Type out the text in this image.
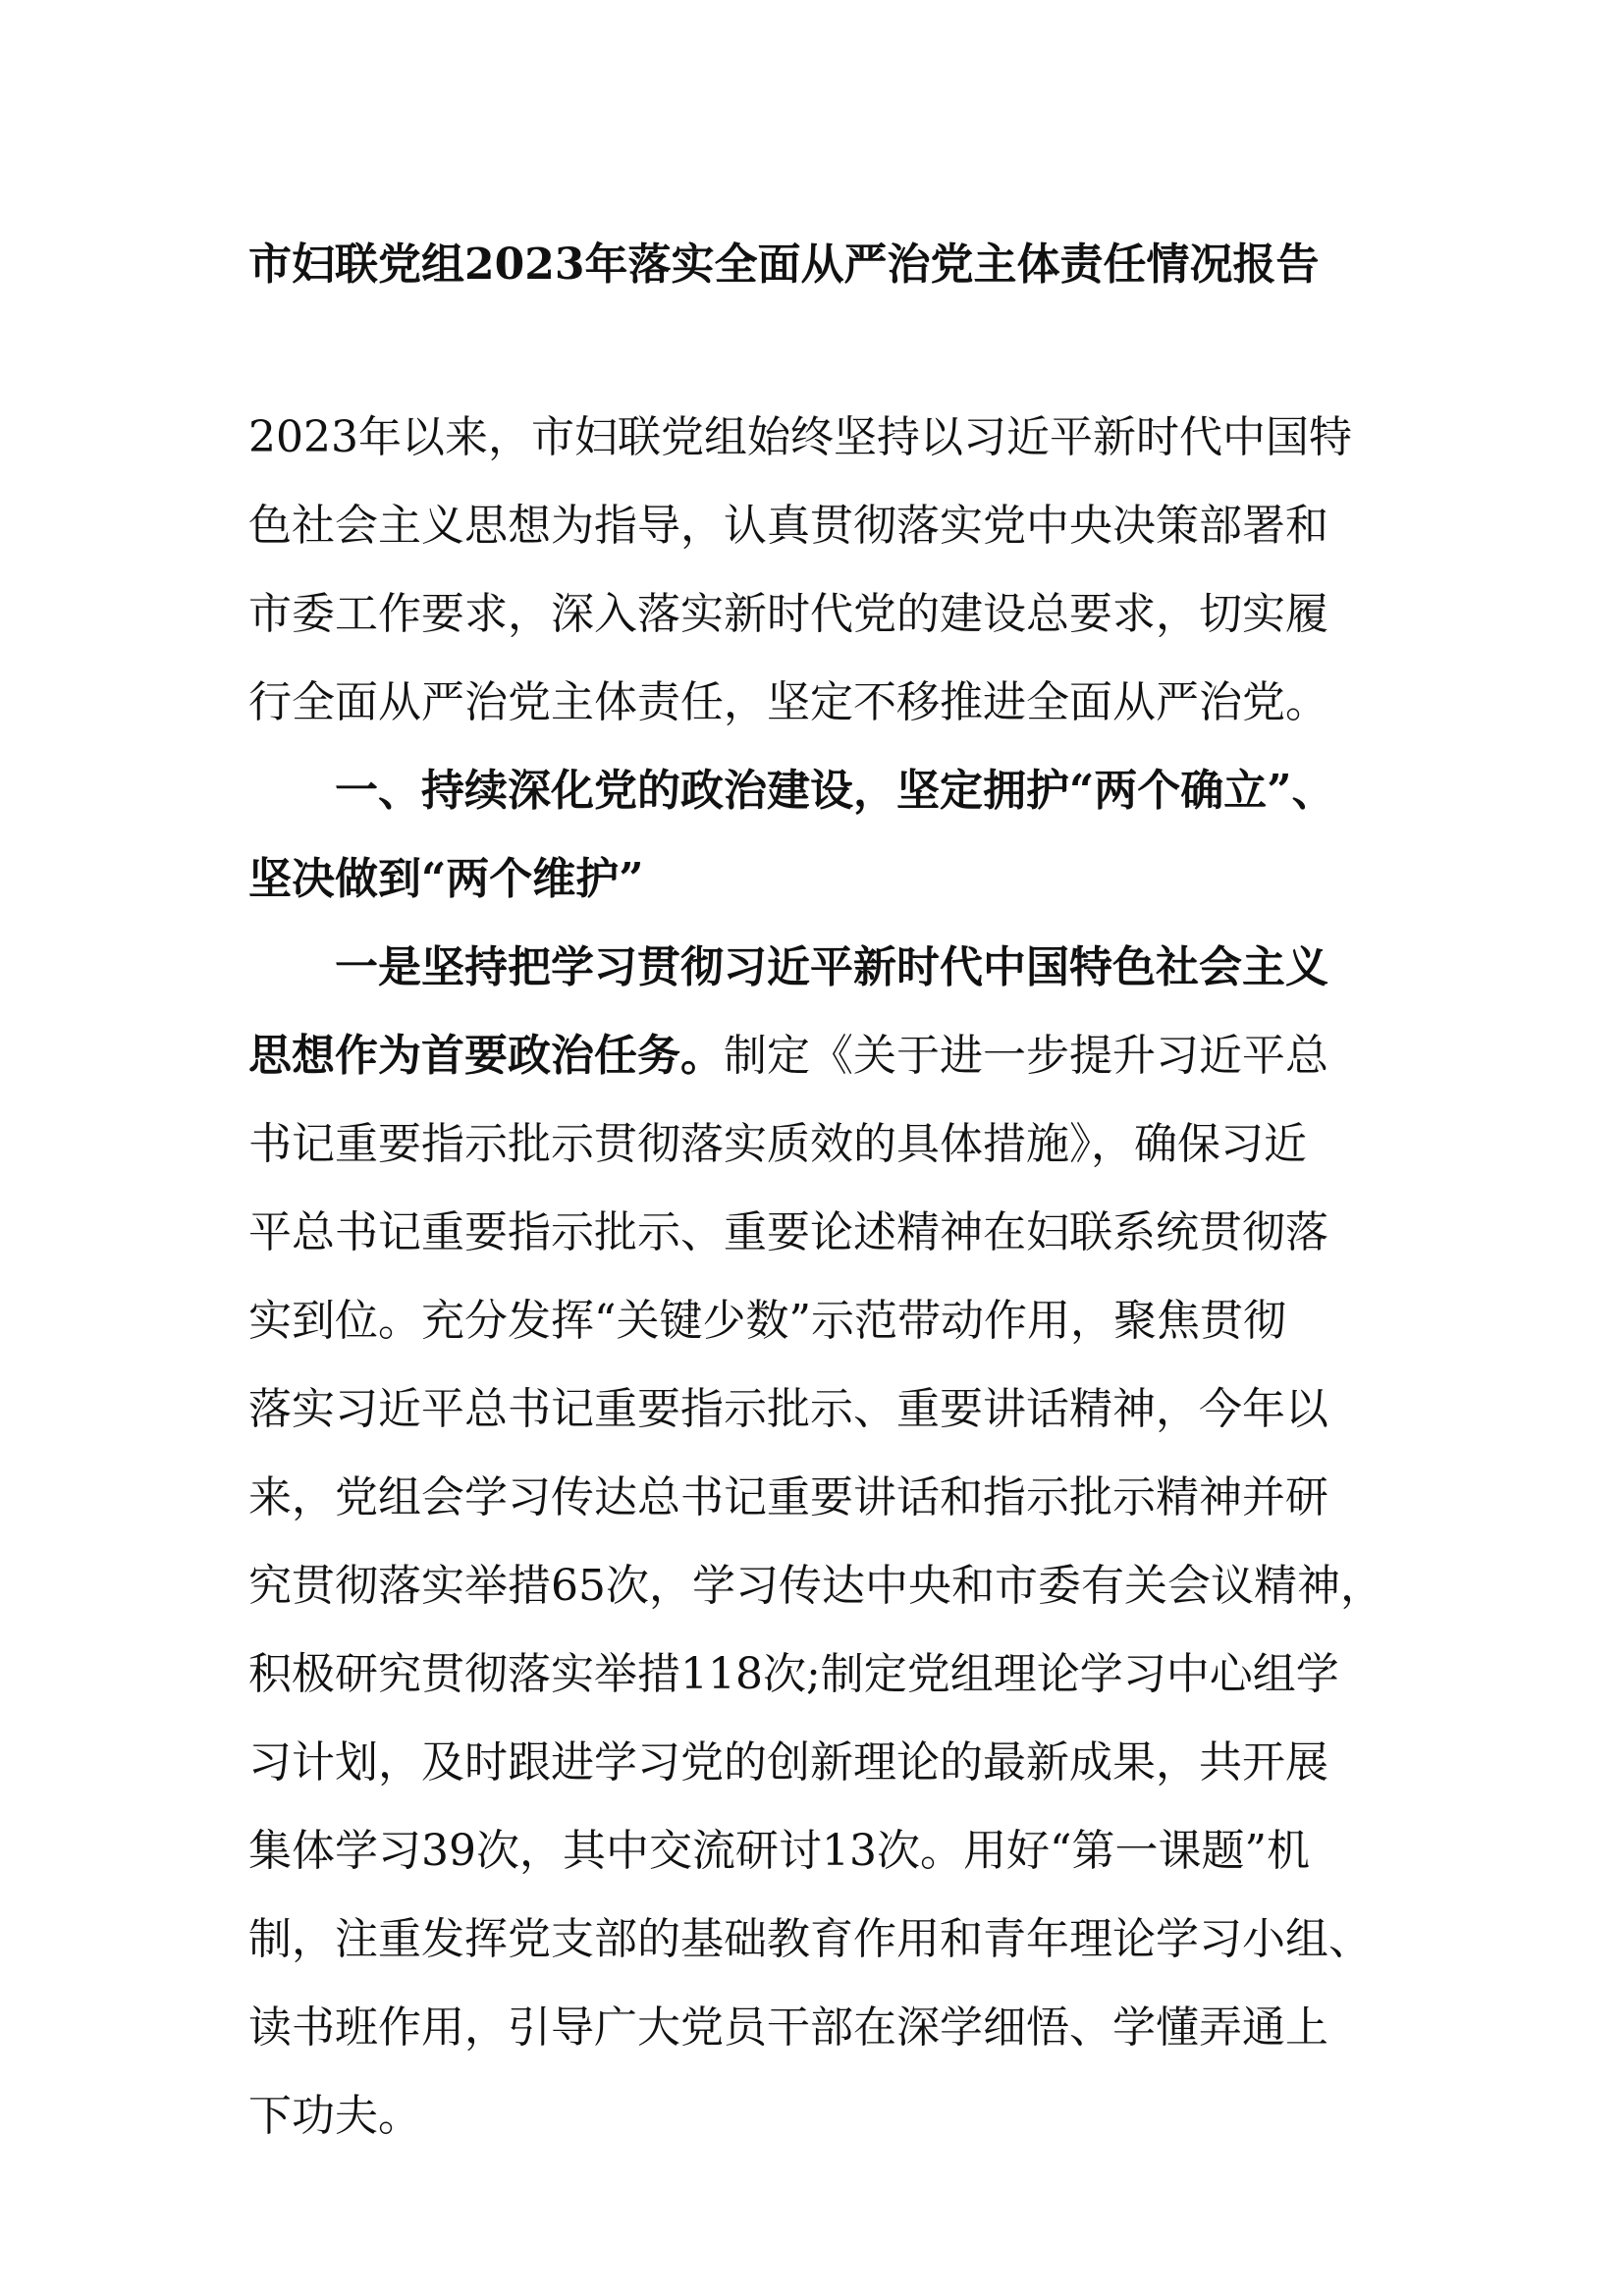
市妇联党组2023年落实全面从严治党主体责任情况报告

2023年以来，市妇联党组始终坚持以习近平新时代中国特

色社会主义思想为指导，认真贯彻落实党中央决策部署和

市委工作要求，深入落实新时代党的建设总要求，切实履

行全面从严治党主体责任，坚定不移推进全面从严治党。

一、持续深化党的政治建设，坚定拥护“两个确立”、

坚决做到“两个维护”

一是坚持把学习贯彻习近平新时代中国特色社会主义

思想作为首要政治任务。制定《关于进一步提升习近平总

书记重要指示批示贯彻落实质效的具体措施》，确保习近

平总书记重要指示批示、重要论述精神在妇联系统贯彻落

实到位。充分发挥“关键少数”示范带动作用，聚焦贯彻

落实习近平总书记重要指示批示、重要讲话精神，今年以

来，党组会学习传达总书记重要讲话和指示批示精神并研

究贯彻落实举措65次，学习传达中央和市委有关会议精神，

积极研究贯彻落实举措118次;制定党组理论学习中心组学

习计划，及时跟进学习党的创新理论的最新成果，共开展

集体学习39次，其中交流研讨13次。用好“第一课题”机

制，注重发挥党支部的基础教育作用和青年理论学习小组、

读书班作用，引导广大党员干部在深学细悟、学懂弄通上

下功夫。
